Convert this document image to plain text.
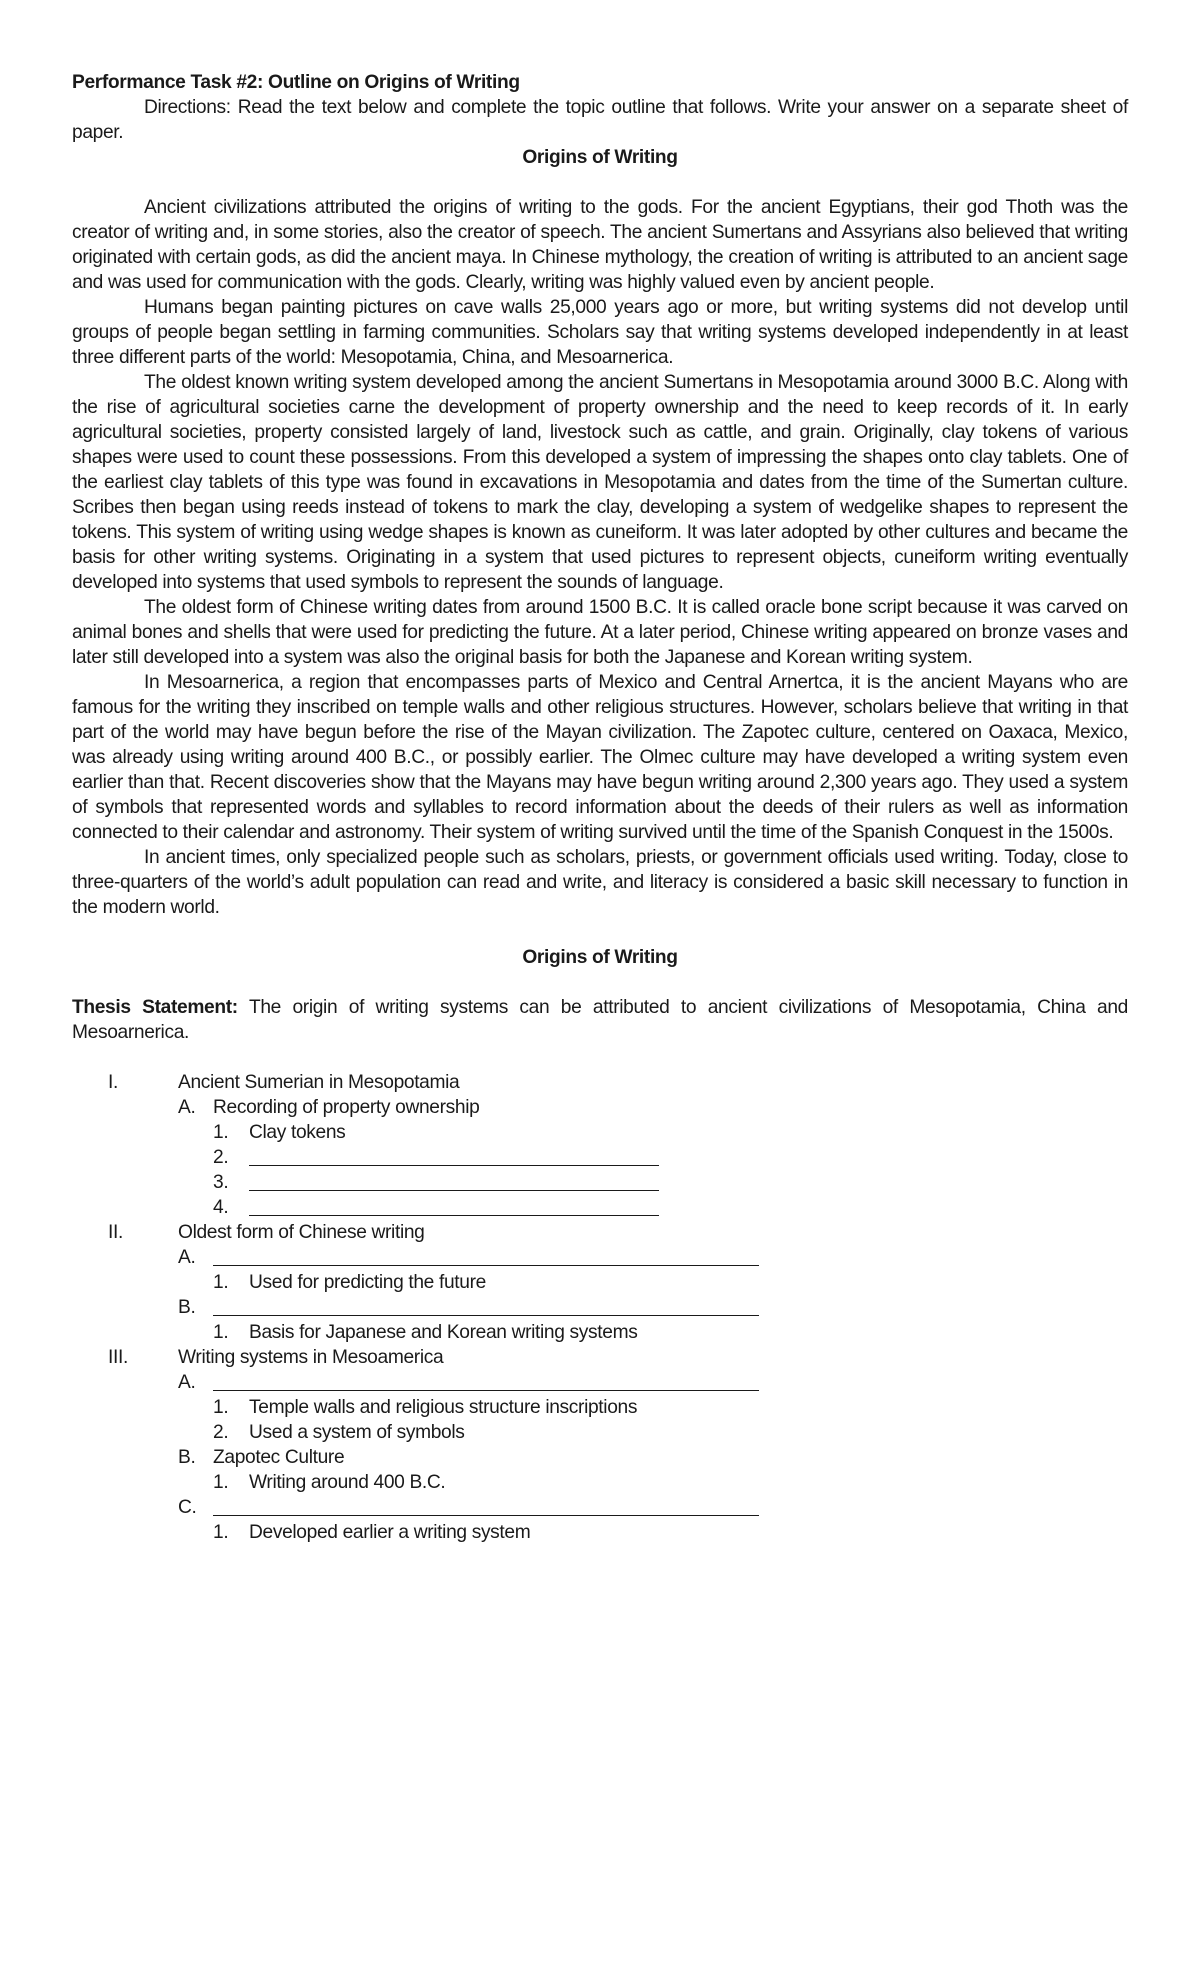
Performance Task #2: Outline on Origins of Writing

Directions: Read the text below and complete the topic outline that follows. Write your answer on a separate sheet of paper.

Origins of Writing

Ancient civilizations attributed the origins of writing to the gods. For the ancient Egyptians, their god Thoth was the creator of writing and, in some stories, also the creator of speech. The ancient Sumertans and Assyrians also believed that writing originated with certain gods, as did the ancient maya. In Chinese mythology, the creation of writing is attributed to an ancient sage and was used for communication with the gods. Clearly, writing was highly valued even by ancient people.

Humans began painting pictures on cave walls 25,000 years ago or more, but writing systems did not develop until groups of people began settling in farming communities. Scholars say that writing systems developed independently in at least three different parts of the world: Mesopotamia, China, and Mesoarnerica.

The oldest known writing system developed among the ancient Sumertans in Mesopotamia around 3000 B.C. Along with the rise of agricultural societies carne the development of property ownership and the need to keep records of it. In early agricultural societies, property consisted largely of land, livestock such as cattle, and grain. Originally, clay tokens of various shapes were used to count these possessions. From this developed a system of impressing the shapes onto clay tablets. One of the earliest clay tablets of this type was found in excavations in Mesopotamia and dates from the time of the Sumertan culture. Scribes then began using reeds instead of tokens to mark the clay, developing a system of wedgelike shapes to represent the tokens. This system of writing using wedge shapes is known as cuneiform. It was later adopted by other cultures and became the basis for other writing systems. Originating in a system that used pictures to represent objects, cuneiform writing eventually developed into systems that used symbols to represent the sounds of language.

The oldest form of Chinese writing dates from around 1500 B.C. It is called oracle bone script because it was carved on animal bones and shells that were used for predicting the future. At a later period, Chinese writing appeared on bronze vases and later still developed into a system was also the original basis for both the Japanese and Korean writing system.

In Mesoarnerica, a region that encompasses parts of Mexico and Central Arnertca, it is the ancient Mayans who are famous for the writing they inscribed on temple walls and other religious structures. However, scholars believe that writing in that part of the world may have begun before the rise of the Mayan civilization. The Zapotec culture, centered on Oaxaca, Mexico, was already using writing around 400 B.C., or possibly earlier. The Olmec culture may have developed a writing system even earlier than that. Recent discoveries show that the Mayans may have begun writing around 2,300 years ago. They used a system of symbols that represented words and syllables to record information about the deeds of their rulers as well as information connected to their calendar and astronomy. Their system of writing survived until the time of the Spanish Conquest in the 1500s.

In ancient times, only specialized people such as scholars, priests, or government officials used writing. Today, close to three-quarters of the world’s adult population can read and write, and literacy is considered a basic skill necessary to function in the modern world.

Origins of Writing

Thesis Statement: The origin of writing systems can be attributed to ancient civilizations of Mesopotamia, China and Mesoarnerica.

I.	Ancient Sumerian in Mesopotamia
A. Recording of property ownership
1. Clay tokens
2.
3.
4.
II.	Oldest form of Chinese writing
A.
1. Used for predicting the future
B.
1. Basis for Japanese and Korean writing systems
III.	Writing systems in Mesoamerica
A.
1. Temple walls and religious structure inscriptions
2. Used a system of symbols
B. Zapotec Culture
1. Writing around 400 B.C.
C.
1. Developed earlier a writing system
